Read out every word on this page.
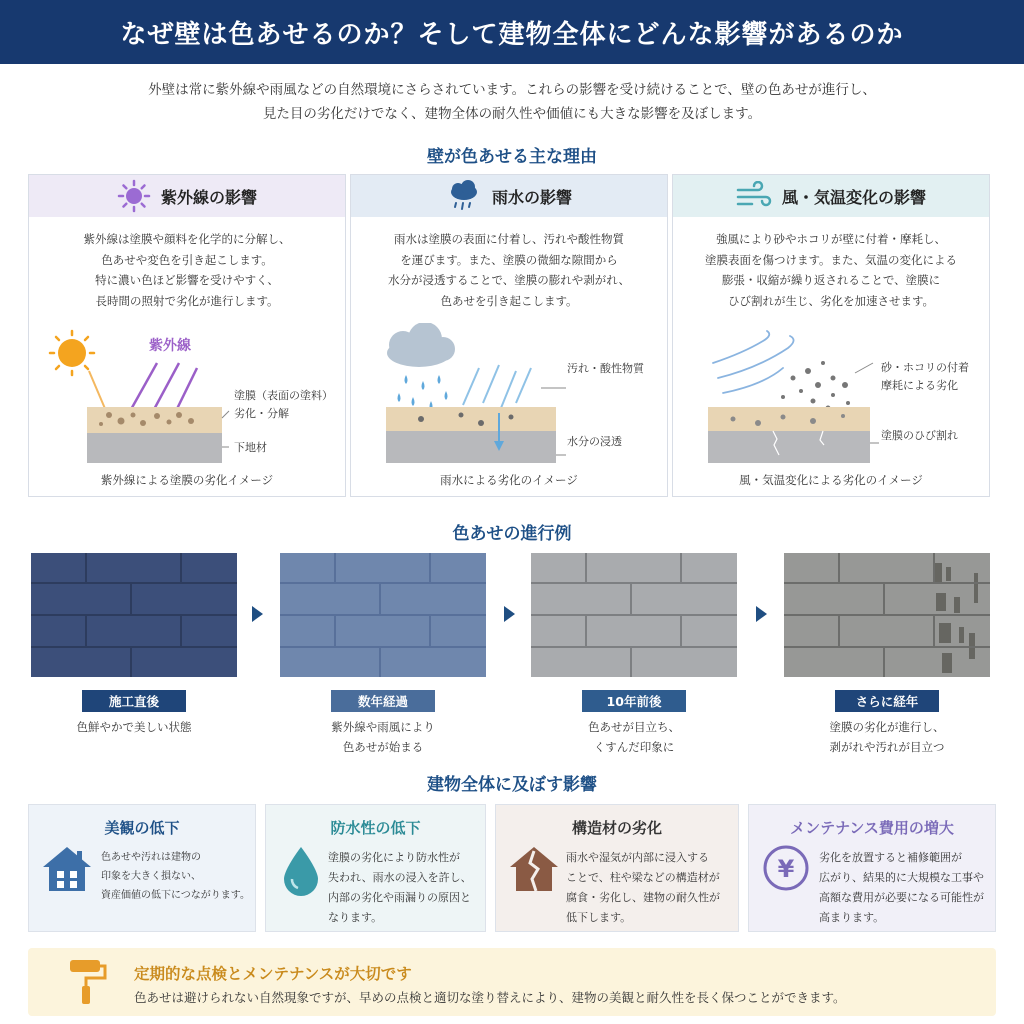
なぜ壁は色あせるのか？そして建物全体にどんな影響があるのか
外壁は常に紫外線や雨風などの自然環境にさらされています。これらの影響を受け続けることで、壁の色あせが進行し、
見た目の劣化だけでなく、建物全体の耐久性や価値にも大きな影響を及ぼします。
壁が色あせる主な理由
紫外線の影響
紫外線は塗膜や顔料を化学的に分解し、
色あせや変色を引き起こします。
特に濃い色ほど影響を受けやすく、
長時間の照射で劣化が進行します。
紫外線
塗膜（表面の塗料）
劣化・分解
下地材
紫外線による塗膜の劣化イメージ
雨水の影響
雨水は塗膜の表面に付着し、汚れや酸性物質
を運びます。また、塗膜の微細な隙間から
水分が浸透することで、塗膜の膨れや剥がれ、
色あせを引き起こします。
汚れ・酸性物質
水分の浸透
雨水による劣化のイメージ
風・気温変化の影響
強風により砂やホコリが壁に付着・摩耗し、
塗膜表面を傷つけます。また、気温の変化による
膨張・収縮が繰り返されることで、塗膜に
ひび割れが生じ、劣化を加速させます。
砂・ホコリの付着
摩耗による劣化
塗膜のひび割れ
風・気温変化による劣化のイメージ
色あせの進行例
施工直後
色鮮やかで美しい状態
数年経過
紫外線や雨風により
色あせが始まる
10年前後
色あせが目立ち、
くすんだ印象に
さらに経年
塗膜の劣化が進行し、
剥がれや汚れが目立つ
建物全体に及ぼす影響
美観の低下
色あせや汚れは建物の
印象を大きく損ない、
資産価値の低下につながります。
防水性の低下
塗膜の劣化により防水性が
失われ、雨水の浸入を許し、
内部の劣化や雨漏りの原因と
なります。
構造材の劣化
雨水や湿気が内部に浸入する
ことで、柱や梁などの構造材が
腐食・劣化し、建物の耐久性が
低下します。
メンテナンス費用の増大
¥ 劣化を放置すると補修範囲が
広がり、結果的に大規模な工事や
高額な費用が必要になる可能性が
高まります。
定期的な点検とメンテナンスが大切です
色あせは避けられない自然現象ですが、早めの点検と適切な塗り替えにより、建物の美観と耐久性を長く保つことができます。
